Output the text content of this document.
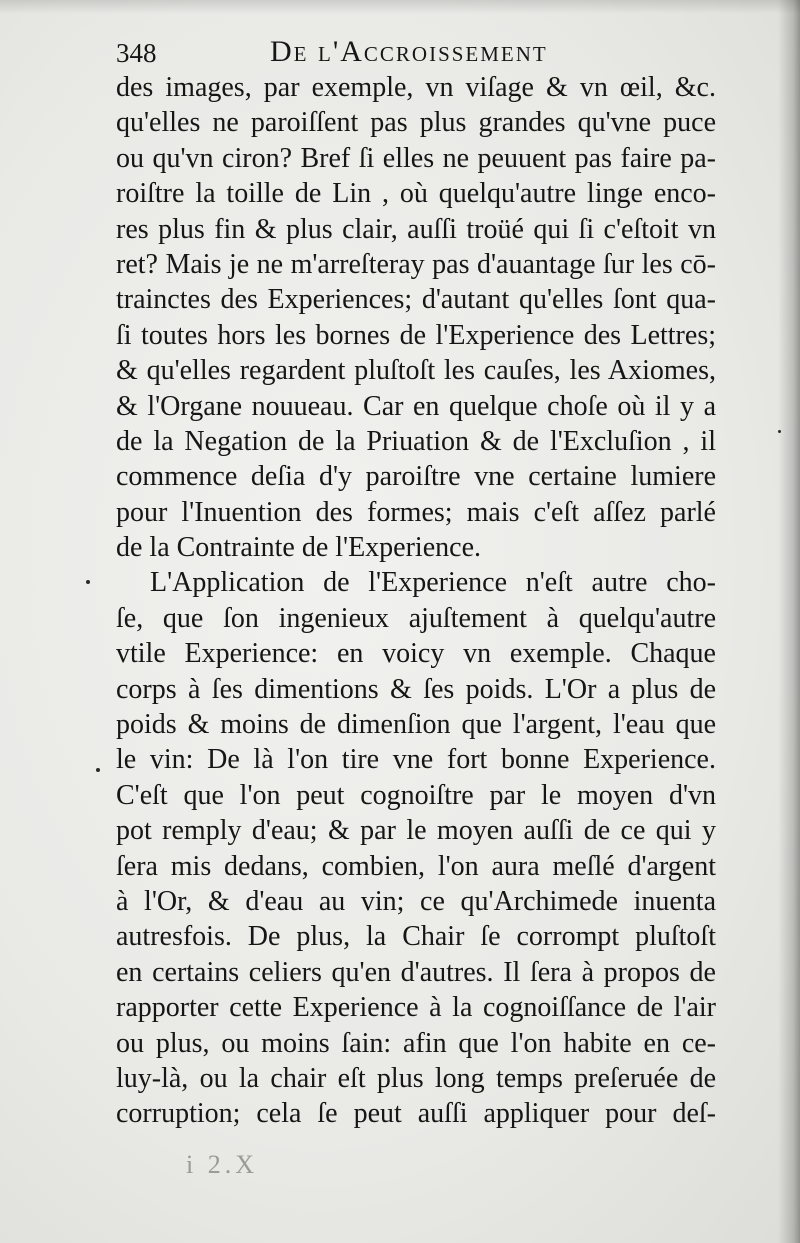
348	De l'Accroissement
des images, par exemple, vn viſage & vn œil, &c.
qu'elles ne paroiſſent pas plus grandes qu'vne puce
ou qu'vn ciron? Bref ſi elles ne peuuent pas faire pa-
roiſtre la toille de Lin , où quelqu'autre linge enco-
res plus fin & plus clair, auſſi troüé qui ſi c'eſtoit vn
ret? Mais je ne m'arreſteray pas d'auantage ſur les cō-
trainctes des Experiences; d'autant qu'elles ſont qua-
ſi toutes hors les bornes de l'Experience des Lettres;
& qu'elles regardent pluſtoſt les cauſes, les Axiomes,
& l'Organe nouueau. Car en quelque choſe où il y a
de la Negation de la Priuation & de l'Excluſion , il
commence deſia d'y paroiſtre vne certaine lumiere
pour l'Inuention des formes; mais c'eſt aſſez parlé
de la Contrainte de l'Experience.
L'Application de l'Experience n'eſt autre cho-
ſe, que ſon ingenieux ajuſtement à quelqu'autre
vtile Experience: en voicy vn exemple. Chaque
corps à ſes dimentions & ſes poids. L'Or a plus de
poids & moins de dimenſion que l'argent, l'eau que
le vin: De là l'on tire vne fort bonne Experience.
C'eſt que l'on peut cognoiſtre par le moyen d'vn
pot remply d'eau; & par le moyen auſſi de ce qui y
ſera mis dedans, combien, l'on aura meſlé d'argent
à l'Or, & d'eau au vin; ce qu'Archimede inuenta
autresfois. De plus, la Chair ſe corrompt pluſtoſt
en certains celiers qu'en d'autres. Il ſera à propos de
rapporter cette Experience à la cognoiſſance de l'air
ou plus, ou moins ſain: afin que l'on habite en ce-
luy-là, ou la chair eſt plus long temps preſeruée de
corruption; cela ſe peut auſſi appliquer pour deſ-
i 2.X
